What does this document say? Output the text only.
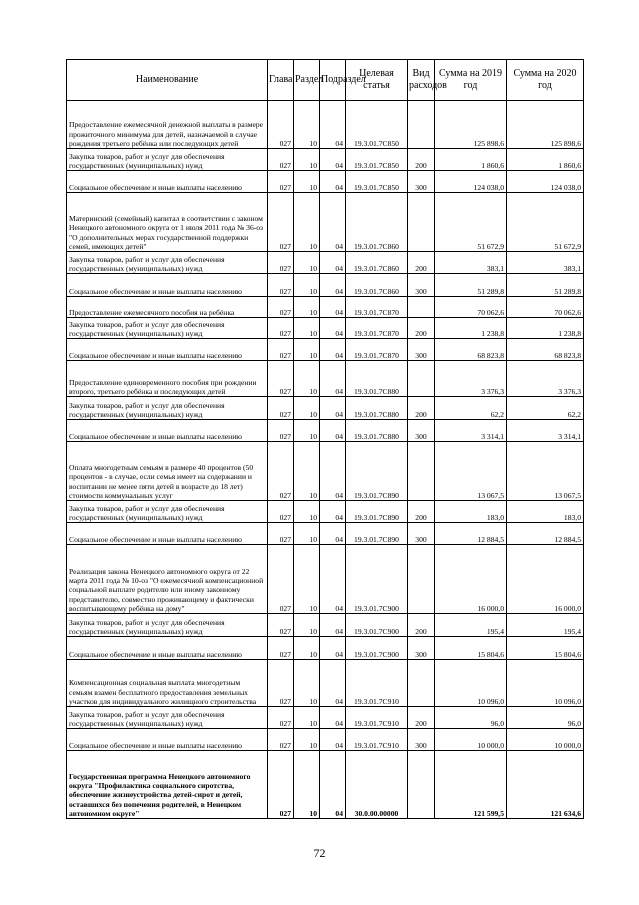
Наименование	Глава	Раздел	Подраздел	Целевая статья	Вид расходов	Сумма на 2019 год	Сумма на 2020 год
Предоставление ежемесячной денежной выплаты в размере прожиточного минимума для детей, назначаемой в случае рождения третьего ребёнка или последующих детей	027	10	04	19.3.01.7C850		125 898,6	125 898,6
Закупка товаров, работ и услуг для обеспечения государственных (муниципальных) нужд	027	10	04	19.3.01.7C850	200	1 860,6	1 860,6
Социальное обеспечение и иные выплаты населению	027	10	04	19.3.01.7C850	300	124 038,0	124 038,0
Материнский (семейный) капитал в соответствии с законом Ненецкого автономного округа от 1 июля 2011 года № 36-оз "О дополнительных мерах государственной поддержки семей, имеющих детей"	027	10	04	19.3.01.7C860		51 672,9	51 672,9
Закупка товаров, работ и услуг для обеспечения государственных (муниципальных) нужд	027	10	04	19.3.01.7C860	200	383,1	383,1
Социальное обеспечение и иные выплаты населению	027	10	04	19.3.01.7C860	300	51 289,8	51 289,8
Предоставление ежемесячного пособия на ребёнка	027	10	04	19.3.01.7C870		70 062,6	70 062,6
Закупка товаров, работ и услуг для обеспечения государственных (муниципальных) нужд	027	10	04	19.3.01.7C870	200	1 238,8	1 238,8
Социальное обеспечение и иные выплаты населению	027	10	04	19.3.01.7C870	300	68 823,8	68 823,8
Предоставление единовременного пособия при рождении второго, третьего ребёнка и последующих детей	027	10	04	19.3.01.7C880		3 376,3	3 376,3
Закупка товаров, работ и услуг для обеспечения государственных (муниципальных) нужд	027	10	04	19.3.01.7C880	200	62,2	62,2
Социальное обеспечение и иные выплаты населению	027	10	04	19.3.01.7C880	300	3 314,1	3 314,1
Оплата многодетным семьям в размере 40 процентов (50 процентов - в случае, если семья имеет на содержании и воспитании не менее пяти детей в возрасте до 18 лет) стоимости коммунальных услуг	027	10	04	19.3.01.7C890		13 067,5	13 067,5
Закупка товаров, работ и услуг для обеспечения государственных (муниципальных) нужд	027	10	04	19.3.01.7C890	200	183,0	183,0
Социальное обеспечение и иные выплаты населению	027	10	04	19.3.01.7C890	300	12 884,5	12 884,5
Реализация закона Ненецкого автономного округа от 22 марта 2011 года № 10-оз "О ежемесячной компенсационной социальной выплате родителю или иному законному представителю, совместно проживающему и фактически воспитывающему ребёнка на дому"	027	10	04	19.3.01.7C900		16 000,0	16 000,0
Закупка товаров, работ и услуг для обеспечения государственных (муниципальных) нужд	027	10	04	19.3.01.7C900	200	195,4	195,4
Социальное обеспечение и иные выплаты населению	027	10	04	19.3.01.7C900	300	15 804,6	15 804,6
Компенсационная социальная выплата многодетным семьям взамен бесплатного предоставления земельных участков для индивидуального жилищного строительства	027	10	04	19.3.01.7C910		10 096,0	10 096,0
Закупка товаров, работ и услуг для обеспечения государственных (муниципальных) нужд	027	10	04	19.3.01.7C910	200	96,0	96,0
Социальное обеспечение и иные выплаты населению	027	10	04	19.3.01.7C910	300	10 000,0	10 000,0
Государственная программа Ненецкого автономного округа "Профилактика социального сиротства, обеспечение жизнеустройства детей-сирот и детей, оставшихся без попечения родителей, в Ненецком автономном округе"	027	10	04	30.0.00.00000		121 599,5	121 634,6
72
